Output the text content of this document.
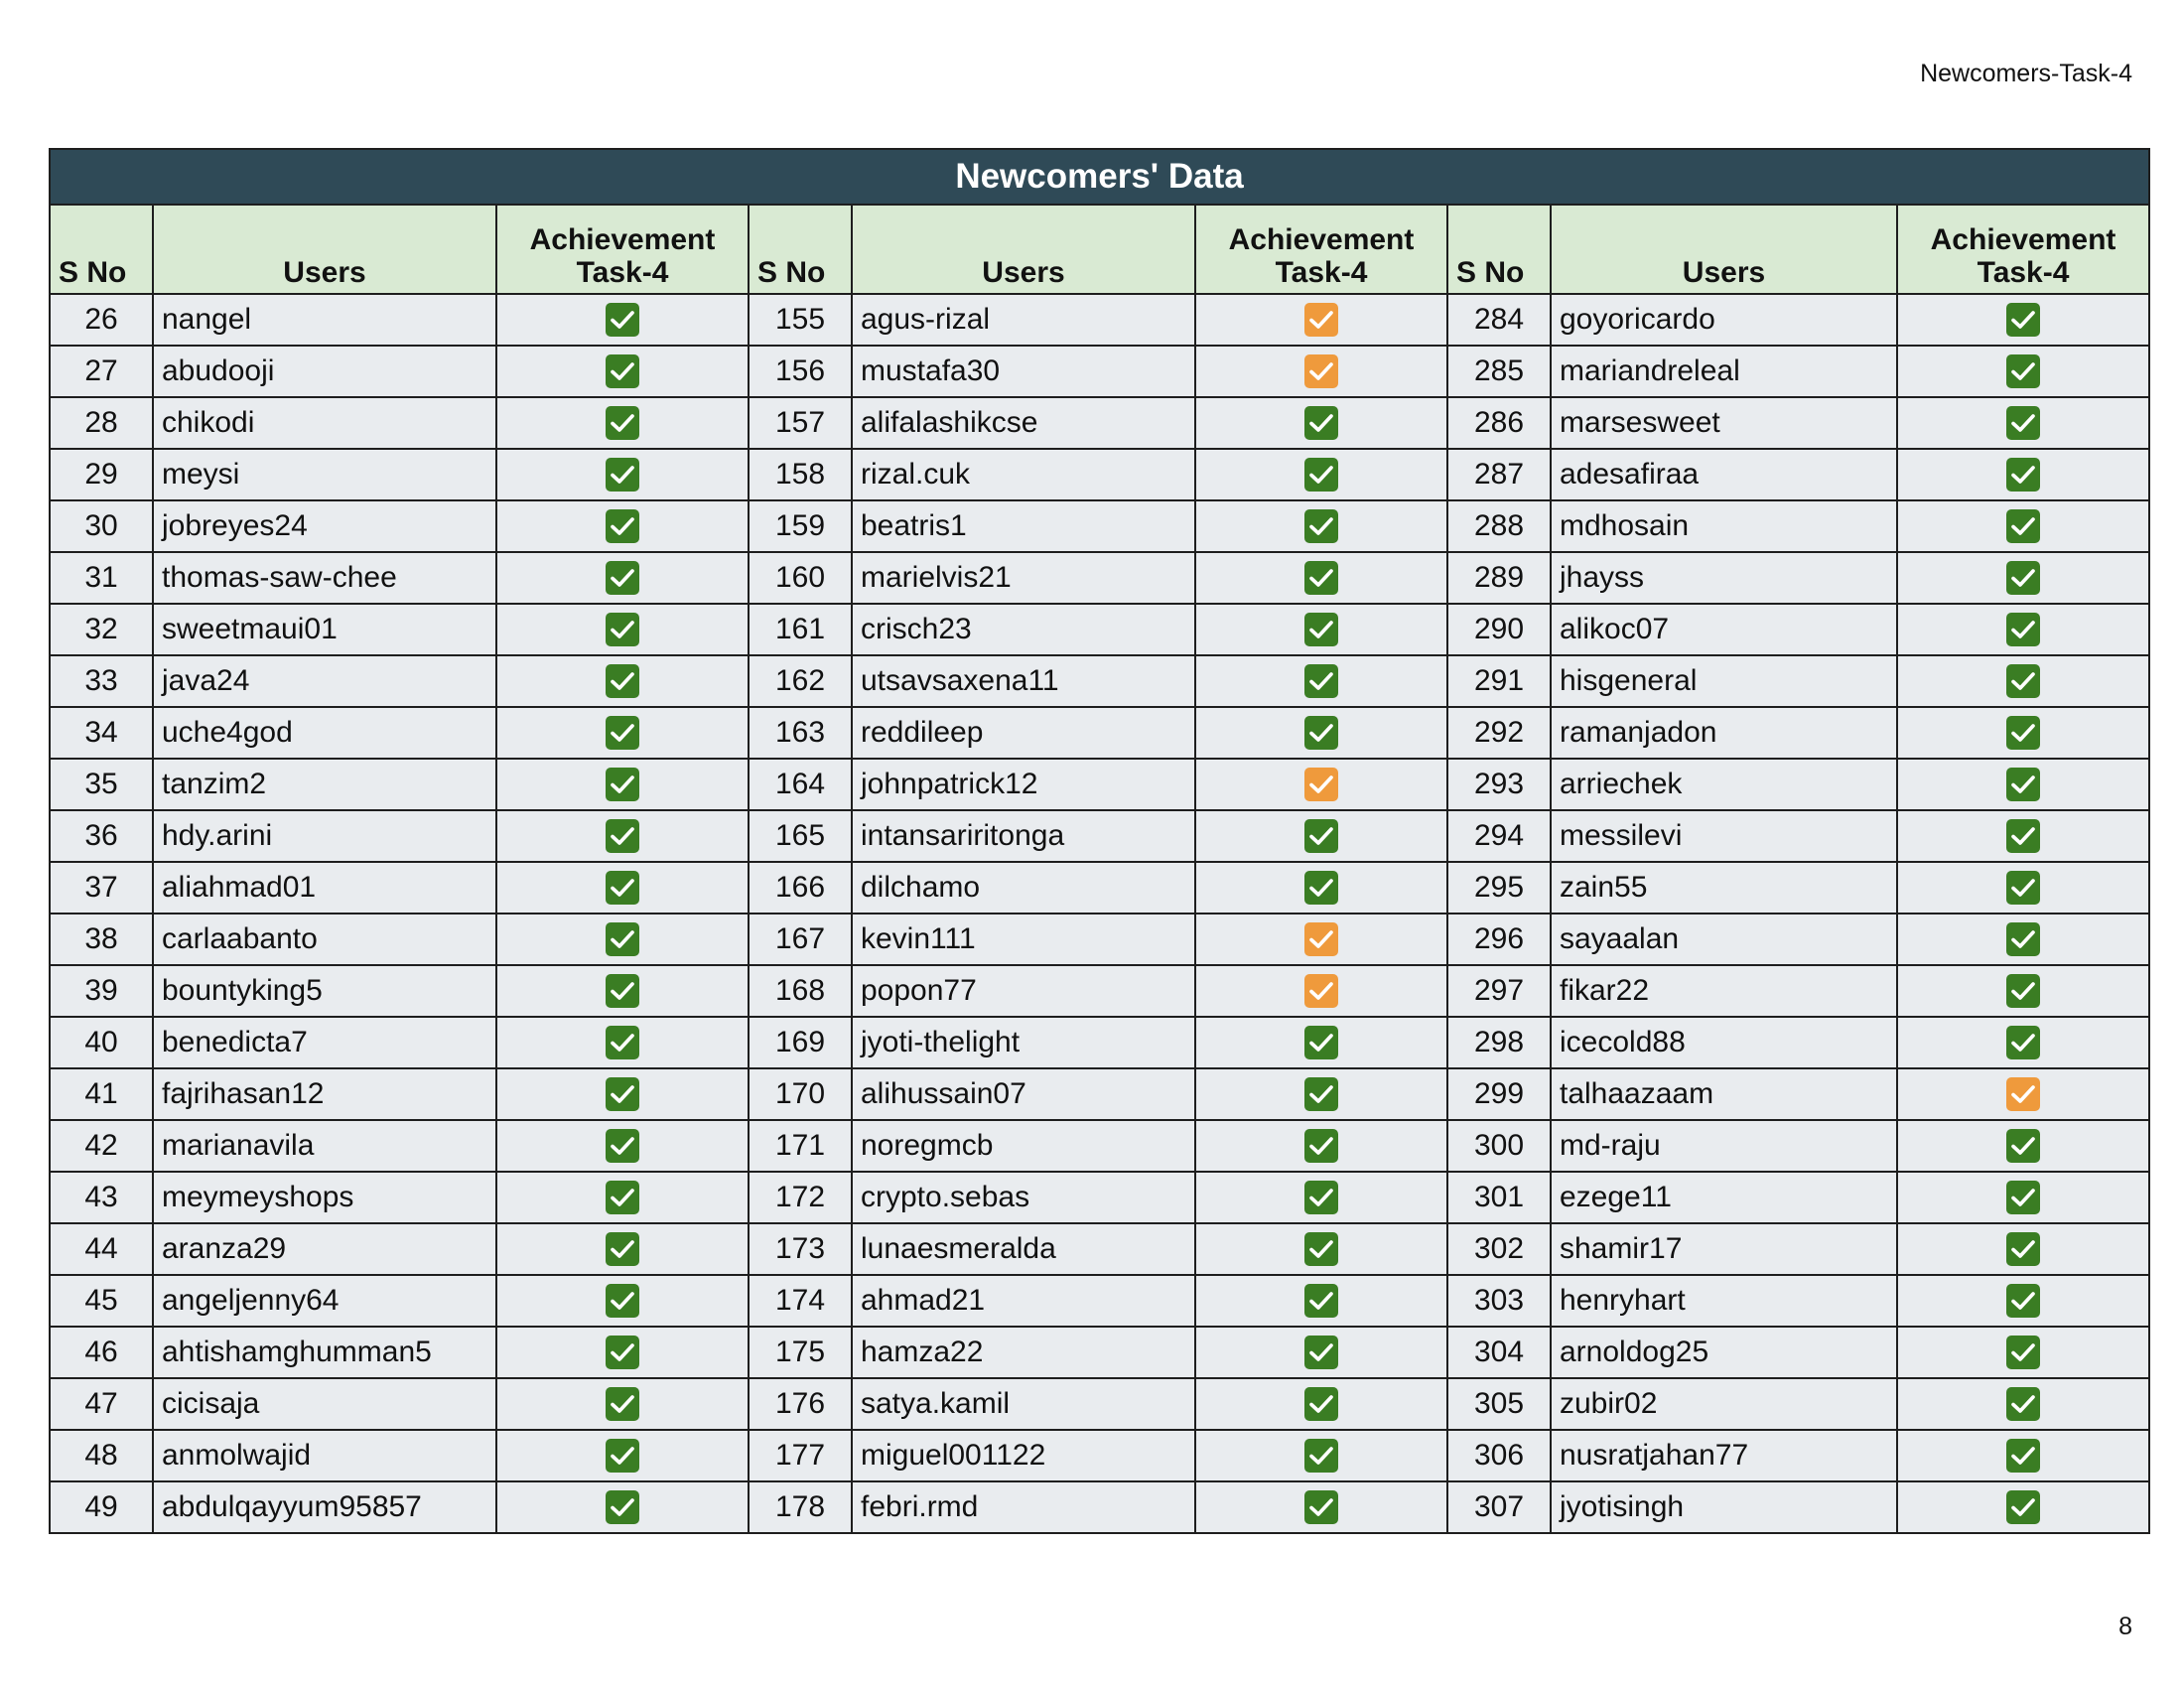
Newcomers-Task-4
Newcomers' Data								
S No	Users	Achievement
Task-4	S No	Users	Achievement
Task-4	S No	Users	Achievement
Task-4

26	nangel		155	agus-rizal		284	goyoricardo	

27	abudooji		156	mustafa30		285	mariandreleal	

28	chikodi		157	alifalashikcse		286	marsesweet	

29	meysi		158	rizal.cuk		287	adesafiraa	

30	jobreyes24		159	beatris1		288	mdhosain	

31	thomas-saw-chee		160	marielvis21		289	jhayss	

32	sweetmaui01		161	crisch23		290	alikoc07	

33	java24		162	utsavsaxena11		291	hisgeneral	

34	uche4god		163	reddileep		292	ramanjadon	

35	tanzim2		164	johnpatrick12		293	arriechek	

36	hdy.arini		165	intansariritonga		294	messilevi	

37	aliahmad01		166	dilchamo		295	zain55	

38	carlaabanto		167	kevin111		296	sayaalan	

39	bountyking5		168	popon77		297	fikar22	

40	benedicta7		169	jyoti-thelight		298	icecold88	

41	fajrihasan12		170	alihussain07		299	talhaazaam	

42	marianavila		171	noregmcb		300	md-raju	

43	meymeyshops		172	crypto.sebas		301	ezege11	

44	aranza29		173	lunaesmeralda		302	shamir17	

45	angeljenny64		174	ahmad21		303	henryhart	

46	ahtishamghumman5		175	hamza22		304	arnoldog25	

47	cicisaja		176	satya.kamil		305	zubir02	

48	anmolwajid		177	miguel001122		306	nusratjahan77	

49	abdulqayyum95857		178	febri.rmd		307	jyotisingh	
8
